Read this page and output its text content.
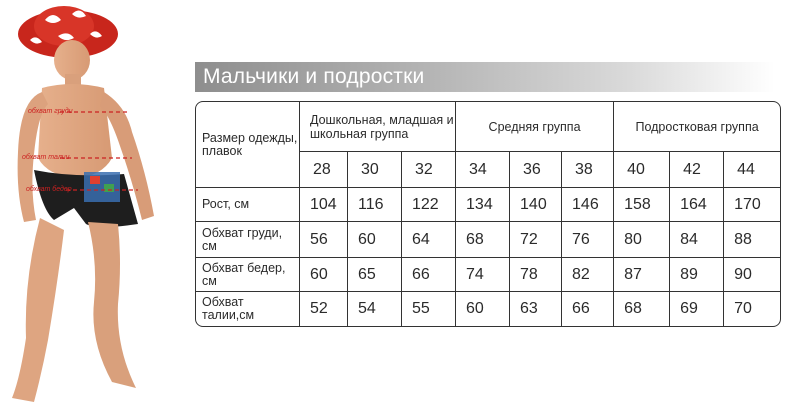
обхват груди
обхват талии
обхват бедер
Мальчики и подростки
Размер одежды, плавок	Дошкольная, младшая и школьная группа			Средняя группа			Подростковая группа		
	28	30	32	34	36	38	40	42	44
Рост, см	104	116	122	134	140	146	158	164	170
Обхват груди, см	56	60	64	68	72	76	80	84	88
Обхват бедер, см	60	65	66	74	78	82	87	89	90
Обхват талии,см	52	54	55	60	63	66	68	69	70
